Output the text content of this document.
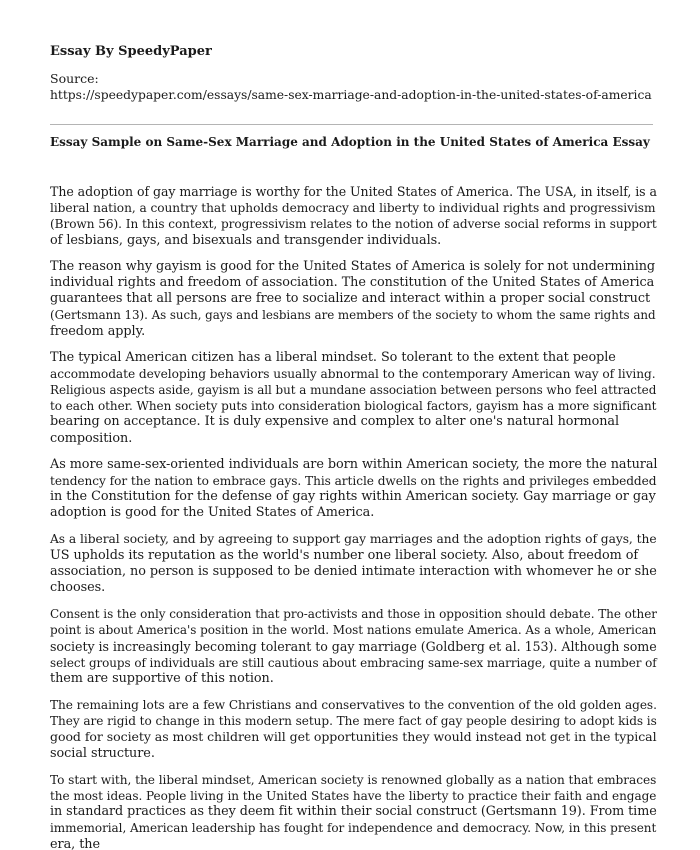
Essay By SpeedyPaper
Source:
https://speedypaper.com/essays/same-sex-marriage-and-adoption-in-the-united-states-of-america
Essay Sample on Same-Sex Marriage and Adoption in the United States of America Essay

The adoption of gay marriage is worthy for the United States of America. The USA, in itself, is a
liberal nation, a country that upholds democracy and liberty to individual rights and progressivism
(Brown 56). In this context, progressivism relates to the notion of adverse social reforms in support
of lesbians, gays, and bisexuals and transgender individuals.

The reason why gayism is good for the United States of America is solely for not undermining
individual rights and freedom of association. The constitution of the United States of America
guarantees that all persons are free to socialize and interact within a proper social construct
(Gertsmann 13). As such, gays and lesbians are members of the society to whom the same rights and
freedom apply.

The typical American citizen has a liberal mindset. So tolerant to the extent that people
accommodate developing behaviors usually abnormal to the contemporary American way of living.
Religious aspects aside, gayism is all but a mundane association between persons who feel attracted
to each other. When society puts into consideration biological factors, gayism has a more significant
bearing on acceptance. It is duly expensive and complex to alter one's natural hormonal
composition.

As more same-sex-oriented individuals are born within American society, the more the natural
tendency for the nation to embrace gays. This article dwells on the rights and privileges embedded
in the Constitution for the defense of gay rights within American society. Gay marriage or gay
adoption is good for the United States of America.

As a liberal society, and by agreeing to support gay marriages and the adoption rights of gays, the
US upholds its reputation as the world's number one liberal society. Also, about freedom of
association, no person is supposed to be denied intimate interaction with whomever he or she
chooses.

Consent is the only consideration that pro-activists and those in opposition should debate. The other
point is about America's position in the world. Most nations emulate America. As a whole, American
society is increasingly becoming tolerant to gay marriage (Goldberg et al. 153). Although some
select groups of individuals are still cautious about embracing same-sex marriage, quite a number of
them are supportive of this notion.

The remaining lots are a few Christians and conservatives to the convention of the old golden ages.
They are rigid to change in this modern setup. The mere fact of gay people desiring to adopt kids is
good for society as most children will get opportunities they would instead not get in the typical
social structure.

To start with, the liberal mindset, American society is renowned globally as a nation that embraces
the most ideas. People living in the United States have the liberty to practice their faith and engage
in standard practices as they deem fit within their social construct (Gertsmann 19). From time
immemorial, American leadership has fought for independence and democracy. Now, in this present
era, the
